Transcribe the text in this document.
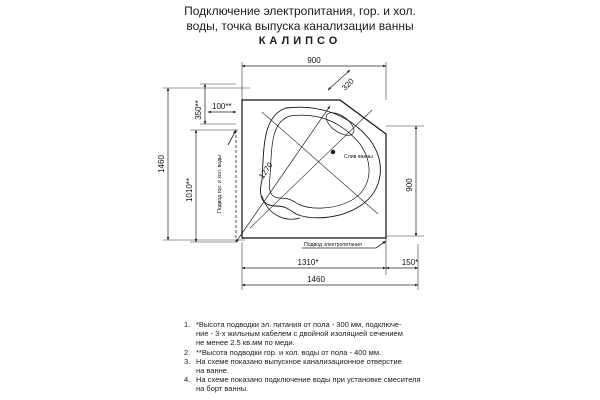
Подключение электропитания, гор. и хол.
воды, точка выпуска канализации ванны
КАЛИПСО
900
320
100**
350**
1460
1010**
1270
900
1310*	150*
1460
Слив ванны
Подвод гор. и хол. воды
Подвод электропитания
1. *Высота подводки эл. питания от пола - 300 мм, подключе-
ние - 3-х жильным кабелем с двойной изоляцией сечением
не менее 2.5 кв.мм по меди.
2. **Высота подводки гор. и хол. воды от пола - 400 мм.
3. На схеме показано выпускное канализационное отверстие
на ванне.
4. На схеме показано подключение воды при установке смесителя
на борт ванны.
